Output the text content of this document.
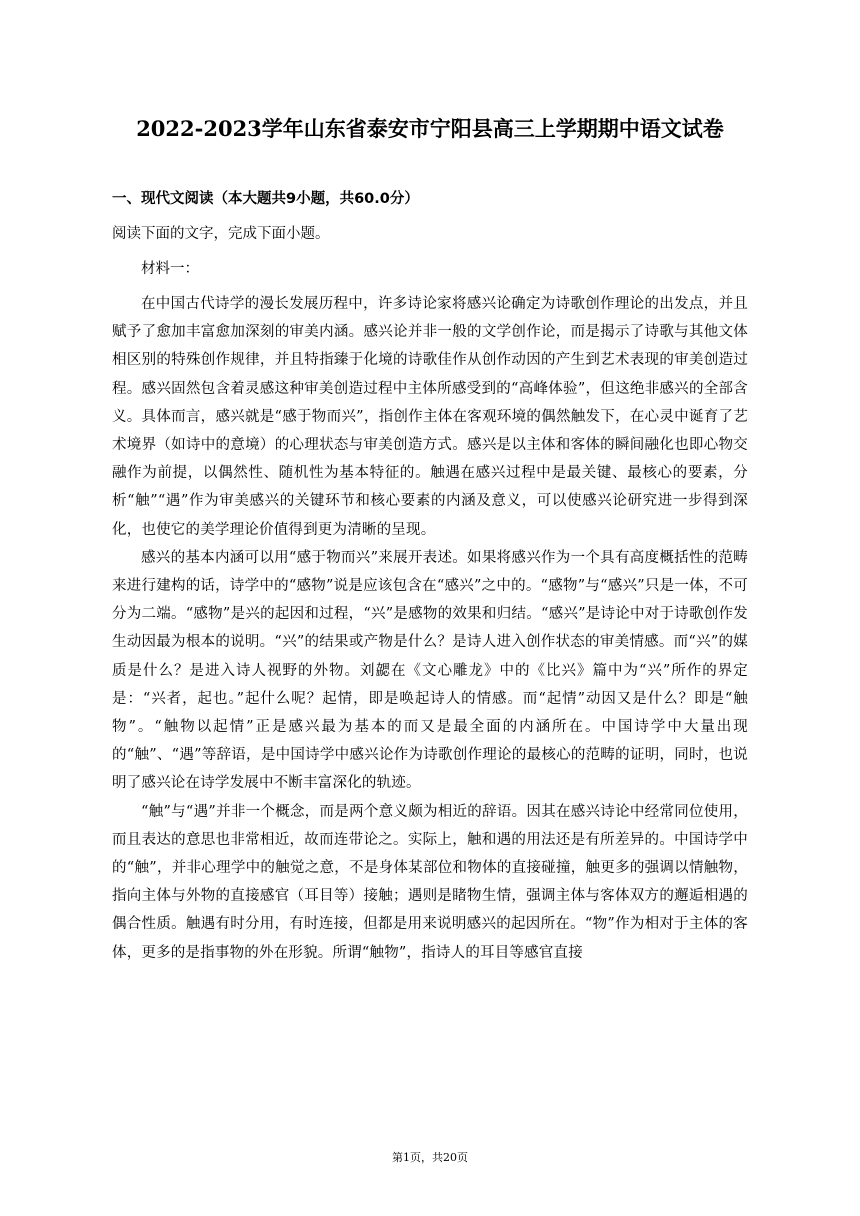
2022-2023学年山东省泰安市宁阳县高三上学期期中语文试卷
一、现代文阅读（本大题共9小题，共60.0分）

阅读下面的文字，完成下面小题。

材料一：

在中国古代诗学的漫长发展历程中，许多诗论家将感兴论确定为诗歌创作理论的出发点，并且赋予了愈加丰富愈加深刻的审美内涵。感兴论并非一般的文学创作论，而是揭示了诗歌与其他文体相区别的特殊创作规律，并且特指臻于化境的诗歌佳作从创作动因的产生到艺术表现的审美创造过程。感兴固然包含着灵感这种审美创造过程中主体所感受到的“高峰体验”，但这绝非感兴的全部含义。具体而言，感兴就是“感于物而兴”，指创作主体在客观环境的偶然触发下，在心灵中诞育了艺术境界（如诗中的意境）的心理状态与审美创造方式。感兴是以主体和客体的瞬间融化也即心物交融作为前提，以偶然性、随机性为基本特征的。触遇在感兴过程中是最关键、最核心的要素，分析“触”“遇”作为审美感兴的关键环节和核心要素的内涵及意义，可以使感兴论研究进一步得到深化，也使它的美学理论价值得到更为清晰的呈现。

感兴的基本内涵可以用“感于物而兴”来展开表述。如果将感兴作为一个具有高度概括性的范畴来进行建构的话，诗学中的“感物”说是应该包含在“感兴”之中的。“感物”与“感兴”只是一体，不可分为二端。“感物”是兴的起因和过程，“兴”是感物的效果和归结。“感兴”是诗论中对于诗歌创作发生动因最为根本的说明。“兴”的结果或产物是什么？是诗人进入创作状态的审美情感。而“兴”的媒质是什么？是进入诗人视野的外物。刘勰在《文心雕龙》中的《比兴》篇中为“兴”所作的界定是：“兴者，起也。”起什么呢？起情，即是唤起诗人的情感。而“起情”动因又是什么？即是“触物”。“触物以起情”正是感兴最为基本的而又是最全面的内涵所在。中国诗学中大量出现的“触”、“遇”等辞语，是中国诗学中感兴论作为诗歌创作理论的最核心的范畴的证明，同时，也说明了感兴论在诗学发展中不断丰富深化的轨迹。

“触”与“遇”并非一个概念，而是两个意义颇为相近的辞语。因其在感兴诗论中经常同位使用，而且表达的意思也非常相近，故而连带论之。实际上，触和遇的用法还是有所差异的。中国诗学中的“触”，并非心理学中的触觉之意，不是身体某部位和物体的直接碰撞，触更多的强调以情触物，指向主体与外物的直接感官（耳目等）接触；遇则是睹物生情，强调主体与客体双方的邂逅相遇的偶合性质。触遇有时分用，有时连接，但都是用来说明感兴的起因所在。“物”作为相对于主体的客体，更多的是指事物的外在形貌。所谓“触物”，指诗人的耳目等感官直接

第1页，共20页
